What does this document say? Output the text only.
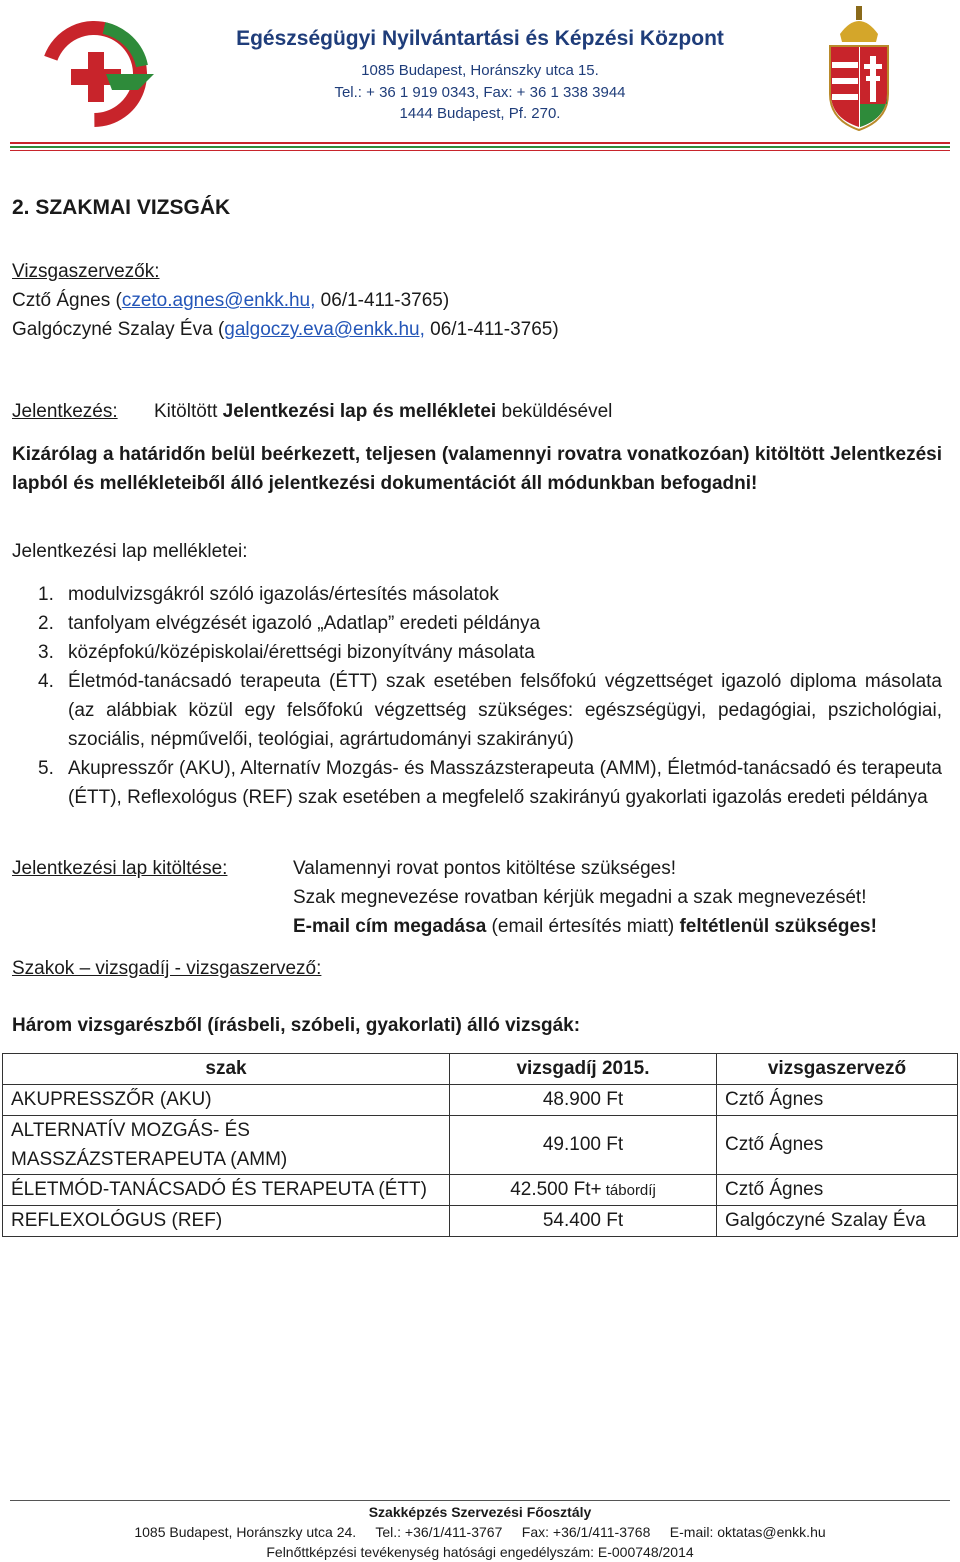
Egészségügyi Nyilvántartási és Képzési Központ
1085 Budapest, Horánszky utca 15.
Tel.: + 36 1 919 0343, Fax: + 36 1 338 3944
1444 Budapest, Pf. 270.
2. SZAKMAI VIZSGÁK
Vizsgaszervezők:
Cztő Ágnes (czeto.agnes@enkk.hu, 06/1-411-3765)
Galgóczyné Szalay Éva (galgoczy.eva@enkk.hu, 06/1-411-3765)
Jelentkezés: Kitöltött Jelentkezési lap és mellékletei beküldésével
Kizárólag a határidőn belül beérkezett, teljesen (valamennyi rovatra vonatkozóan) kitöltött Jelentkezési lapból és mellékleteiből álló jelentkezési dokumentációt áll módunkban befogadni!
Jelentkezési lap mellékletei:
1. modulvizsgákról szóló igazolás/értesítés másolatok
2. tanfolyam elvégzését igazoló „Adatlap” eredeti példánya
3. középfokú/középiskolai/érettségi bizonyítvány másolata
4. Életmód-tanácsadó terapeuta (ÉTT) szak esetében felsőfokú végzettséget igazoló diploma másolata (az alábbiak közül egy felsőfokú végzettség szükséges: egészségügyi, pedagógiai, pszichológiai, szociális, népművelői, teológiai, agrártudományi szakirányú)
5. Akupresszőr (AKU), Alternatív Mozgás- és Masszázsterapeuta (AMM), Életmód-tanácsadó és terapeuta (ÉTT), Reflexológus (REF) szak esetében a megfelelő szakirányú gyakorlati igazolás eredeti példánya
Jelentkezési lap kitöltése:	Valamennyi rovat pontos kitöltése szükséges!
Szak megnevezése rovatban kérjük megadni a szak megnevezését!
E-mail cím megadása (email értesítés miatt) feltétlenül szükséges!
Szakok – vizsgadíj - vizsgaszervező:
Három vizsgarészből (írásbeli, szóbeli, gyakorlati) álló vizsgák:
szak	vizsgadíj 2015.	vizsgaszervező
AKUPRESSZŐR (AKU)	48.900 Ft	Cztő Ágnes
ALTERNATÍV MOZGÁS- ÉS MASSZÁZSTERAPEUTA (AMM)	49.100 Ft	Cztő Ágnes
ÉLETMÓD-TANÁCSADÓ ÉS TERAPEUTA (ÉTT)	42.500 Ft+ tábordíj	Cztő Ágnes
REFLEXOLÓGUS (REF)	54.400 Ft	Galgóczyné Szalay Éva
Szakképzés Szervezési Főosztály
1085 Budapest, Horánszky utca 24.     Tel.: +36/1/411-3767     Fax: +36/1/411-3768     E-mail: oktatas@enkk.hu
Felnőttképzési tevékenység hatósági engedélyszám: E-000748/2014
